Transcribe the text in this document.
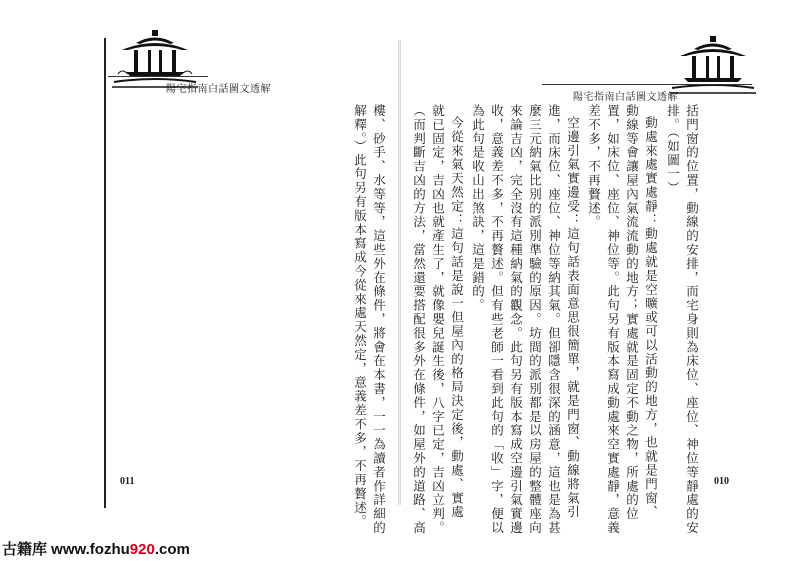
陽宅指南白話圖文透解
陽宅指南白話圖文透解
括門窗的位置，動線的安排，而宅身則為床位、座位、神位等靜處的安
排。（如圖一）
動處來處實處靜：動處就是空曠或可以活動的地方，也就是門窗、
動線等會讓屋內氣流流動的地方；實處就是固定不動之物，所處的位
置，如床位、座位、神位等。此句另有版本寫成動處來空實處靜，意義
差不多，不再贅述。
空邊引氣實邊受：這句話表面意思很簡單，就是門窗、動線將氣引
進，而床位、座位、神位等納其氣。但卻隱含很深的涵意，這也是為甚
麼三元納氣比別的派別準驗的原因。坊間的派別都是以房屋的整體座向
來論吉凶，完全沒有這種納氣的觀念。此句另有版本寫成空邊引氣實邊
收，意義差不多，不再贅述。但有些老師一看到此句的「收」字，便以
為此句是收山出煞訣，這是錯的。
今從來氣天然定：這句話是說一但屋內的格局決定後，動處、實處
就已固定，吉凶也就產生了，就像嬰兒誕生後，八字已定，吉凶立判。
（而判斷吉凶的方法，當然還要搭配很多外在條件，如屋外的道路、高
樓、砂手、水等等，這些外在條件，將會在本書，一一為讀者作詳細的
解釋。）此句另有版本寫成今從來處天然定，意義差不多，不再贅述。
011	010
古籍库 www.fozhu920.com
